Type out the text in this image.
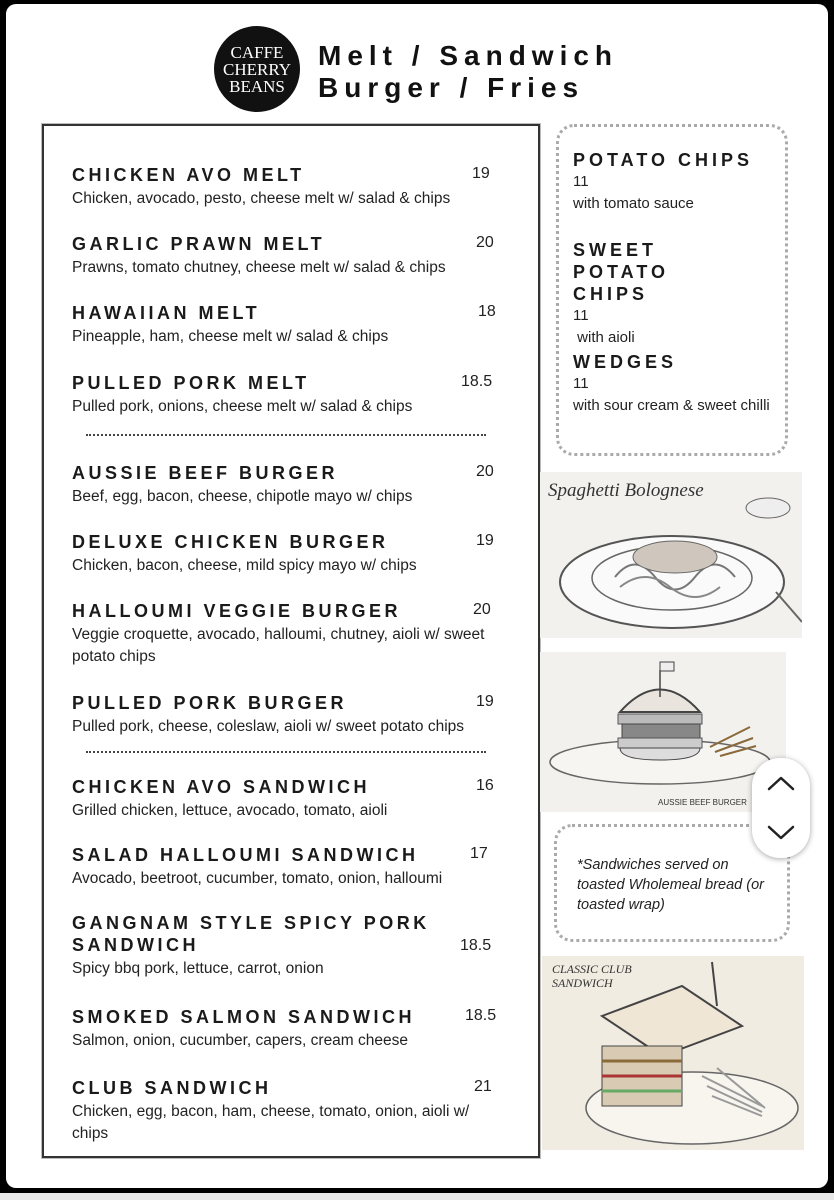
CAFFE
CHERRY
BEANS
Melt / Sandwich
Burger / Fries
CHICKEN AVO MELT	19
Chicken, avocado, pesto, cheese melt w/ salad & chips
GARLIC PRAWN MELT	20
Prawns, tomato chutney, cheese melt w/ salad & chips
HAWAIIAN MELT	18
Pineapple, ham, cheese melt w/ salad & chips
PULLED PORK MELT	18.5
Pulled pork, onions, cheese melt w/ salad & chips
AUSSIE BEEF BURGER	20
Beef, egg, bacon, cheese, chipotle mayo w/ chips
DELUXE CHICKEN BURGER	19
Chicken, bacon, cheese, mild spicy mayo w/ chips
HALLOUMI VEGGIE BURGER	20
Veggie croquette, avocado, halloumi, chutney, aioli w/ sweet potato chips
PULLED PORK BURGER	19
Pulled pork, cheese, coleslaw, aioli w/ sweet potato chips
CHICKEN AVO SANDWICH	16
Grilled chicken, lettuce, avocado, tomato, aioli
SALAD HALLOUMI SANDWICH	17
Avocado, beetroot, cucumber, tomato, onion, halloumi
GANGNAM STYLE SPICY PORK SANDWICH	18.5
Spicy bbq pork, lettuce, carrot, onion
SMOKED SALMON SANDWICH	18.5
Salmon, onion, cucumber, capers, cream cheese
CLUB SANDWICH	21
Chicken, egg, bacon, ham, cheese, tomato, onion, aioli w/ chips
POTATO CHIPS
11
with tomato sauce
SWEET POTATO CHIPS
11
with aioli
WEDGES
11
with sour cream & sweet chilli
Spaghetti Bolognese
AUSSIE BEEF BURGER
*Sandwiches served on toasted Wholemeal bread (or toasted wrap)
CLASSIC CLUB SANDWICH
